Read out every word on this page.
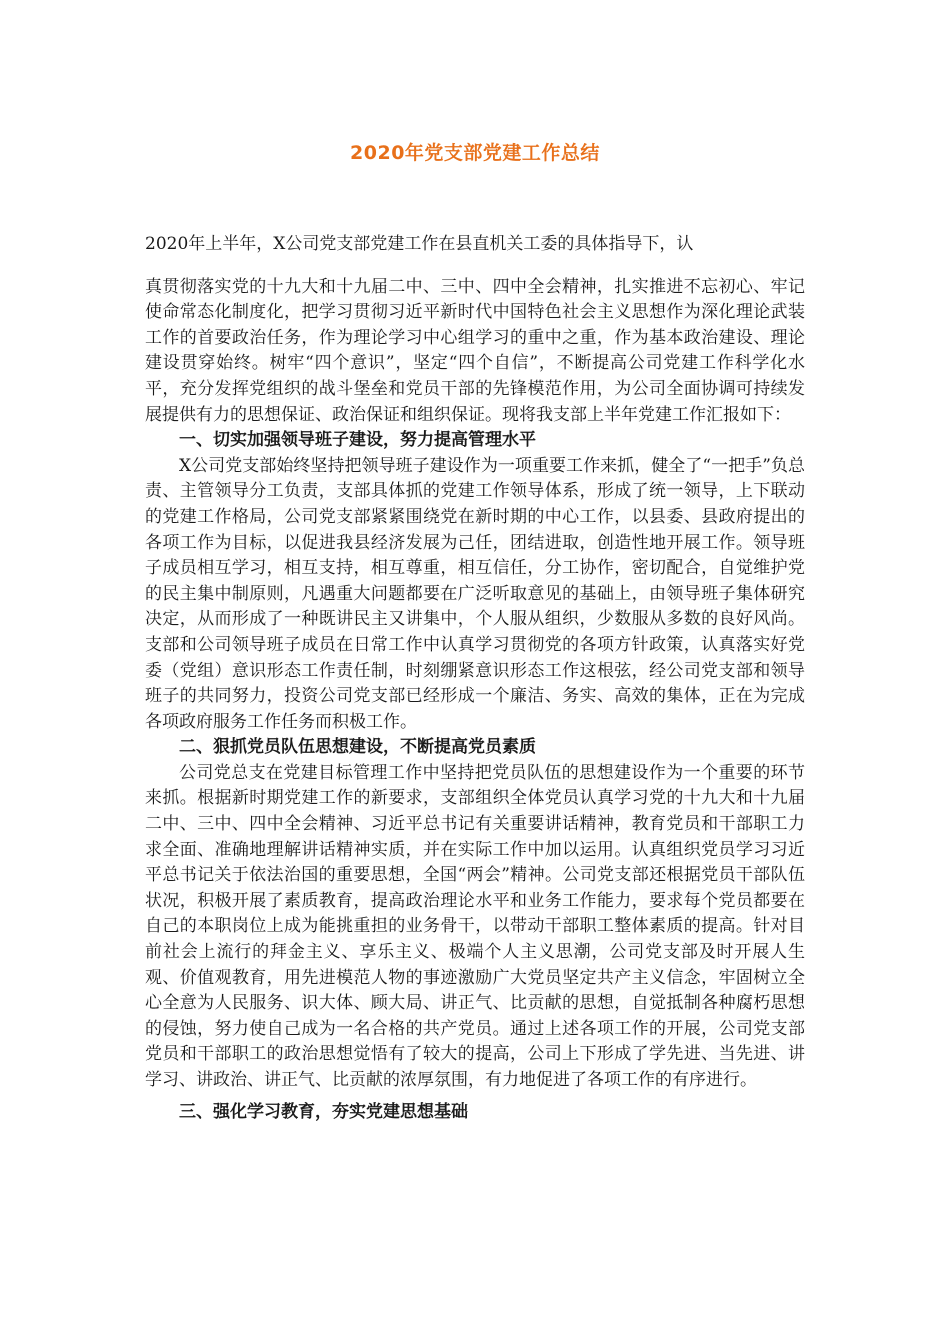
2020年党支部党建工作总结
2020年上半年，X公司党支部党建工作在县直机关工委的具体指导下，认

真贯彻落实党的十九大和十九届二中、三中、四中全会精神，扎实推进不忘初心、牢记使命常态化制度化，把学习贯彻习近平新时代中国特色社会主义思想作为深化理论武装工作的首要政治任务，作为理论学习中心组学习的重中之重，作为基本政治建设、理论建设贯穿始终。树牢“四个意识”，坚定“四个自信”，不断提高公司党建工作科学化水平，充分发挥党组织的战斗堡垒和党员干部的先锋模范作用，为公司全面协调可持续发展提供有力的思想保证、政治保证和组织保证。现将我支部上半年党建工作汇报如下：

一、切实加强领导班子建设，努力提高管理水平

X公司党支部始终坚持把领导班子建设作为一项重要工作来抓，健全了“一把手”负总责、主管领导分工负责，支部具体抓的党建工作领导体系，形成了统一领导，上下联动的党建工作格局，公司党支部紧紧围绕党在新时期的中心工作，以县委、县政府提出的各项工作为目标，以促进我县经济发展为己任，团结进取，创造性地开展工作。领导班子成员相互学习，相互支持，相互尊重，相互信任，分工协作，密切配合，自觉维护党的民主集中制原则，凡遇重大问题都要在广泛听取意见的基础上，由领导班子集体研究决定，从而形成了一种既讲民主又讲集中，个人服从组织，少数服从多数的良好风尚。支部和公司领导班子成员在日常工作中认真学习贯彻党的各项方针政策，认真落实好党委（党组）意识形态工作责任制，时刻绷紧意识形态工作这根弦，经公司党支部和领导班子的共同努力，投资公司党支部已经形成一个廉洁、务实、高效的集体，正在为完成各项政府服务工作任务而积极工作。

二、狠抓党员队伍思想建设，不断提高党员素质

公司党总支在党建目标管理工作中坚持把党员队伍的思想建设作为一个重要的环节来抓。根据新时期党建工作的新要求，支部组织全体党员认真学习党的十九大和十九届二中、三中、四中全会精神、习近平总书记有关重要讲话精神，教育党员和干部职工力求全面、准确地理解讲话精神实质，并在实际工作中加以运用。认真组织党员学习习近平总书记关于依法治国的重要思想，全国“两会”精神。公司党支部还根据党员干部队伍状况，积极开展了素质教育，提高政治理论水平和业务工作能力，要求每个党员都要在自己的本职岗位上成为能挑重担的业务骨干，以带动干部职工整体素质的提高。针对目前社会上流行的拜金主义、享乐主义、极端个人主义思潮，公司党支部及时开展人生观、价值观教育，用先进模范人物的事迹激励广大党员坚定共产主义信念，牢固树立全心全意为人民服务、识大体、顾大局、讲正气、比贡献的思想，自觉抵制各种腐朽思想的侵蚀，努力使自己成为一名合格的共产党员。通过上述各项工作的开展，公司党支部党员和干部职工的政治思想觉悟有了较大的提高，公司上下形成了学先进、当先进、讲学习、讲政治、讲正气、比贡献的浓厚氛围，有力地促进了各项工作的有序进行。

三、强化学习教育，夯实党建思想基础
